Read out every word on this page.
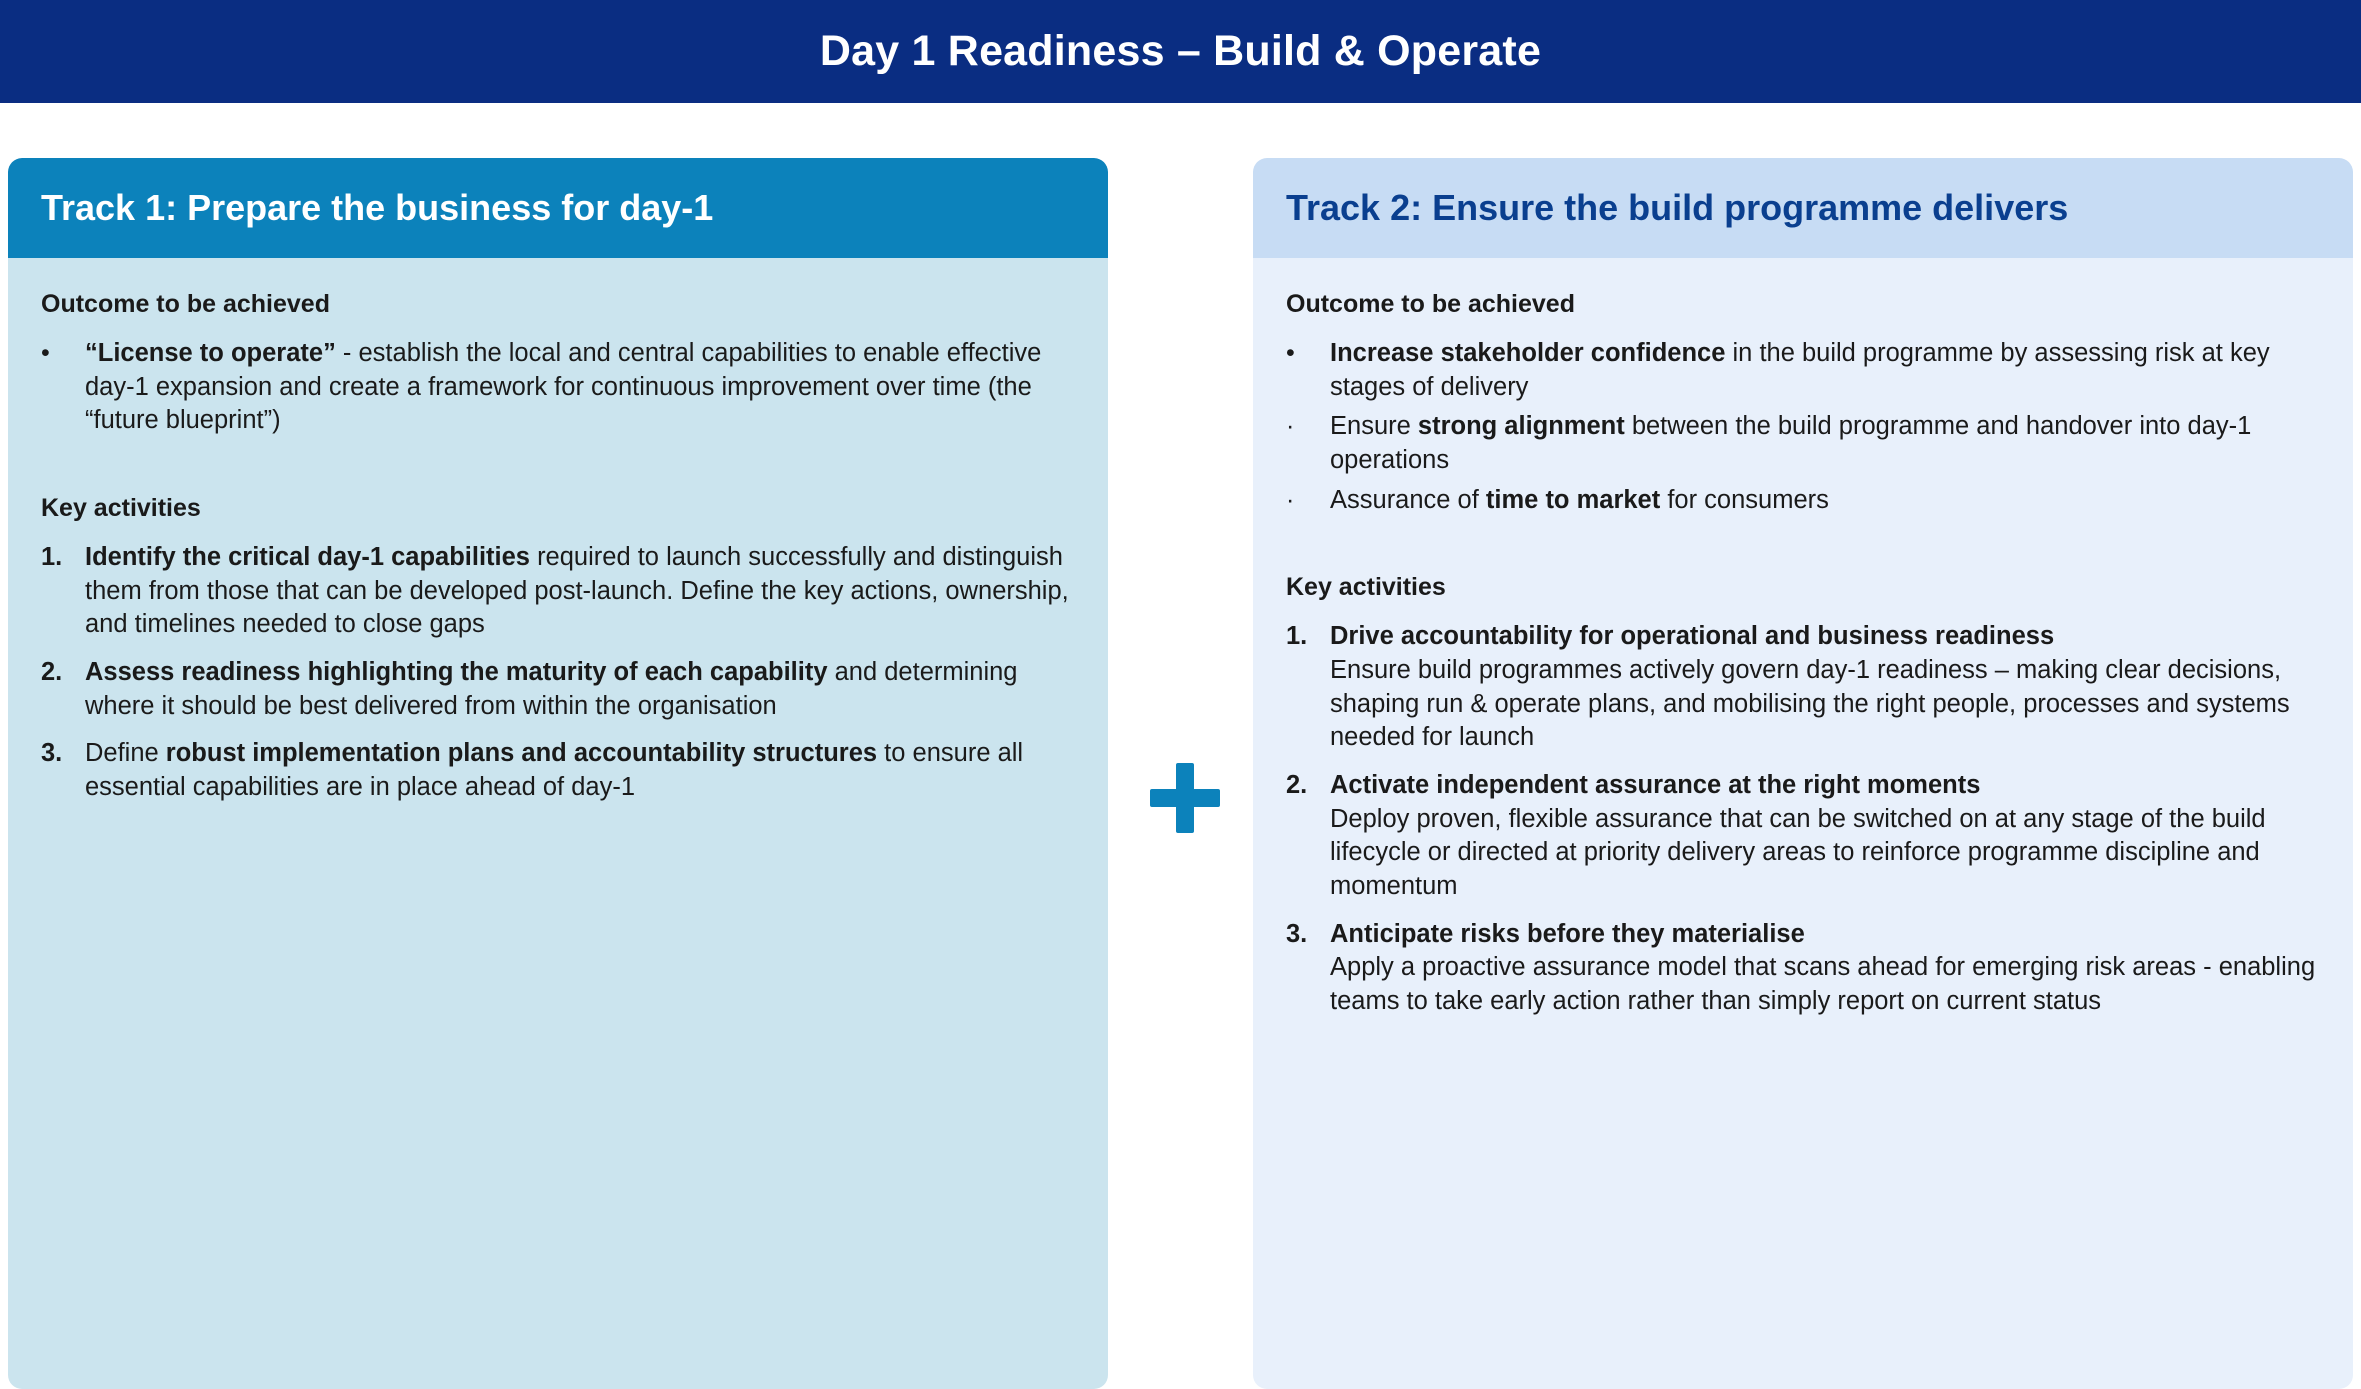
Day 1 Readiness – Build & Operate
Track 1: Prepare the business for day-1
Outcome to be achieved
•	“License to operate” - establish the local and central capabilities to enable effective day-1 expansion and create a framework for continuous improvement over time (the “future blueprint”)
Key activities
1. Identify the critical day-1 capabilities required to launch successfully and distinguish them from those that can be developed post-launch. Define the key actions, ownership, and timelines needed to close gaps
2. Assess readiness highlighting the maturity of each capability and determining where it should be best delivered from within the organisation
3. Define robust implementation plans and accountability structures to ensure all essential capabilities are in place ahead of day-1
Track 2: Ensure the build programme delivers
Outcome to be achieved
•	Increase stakeholder confidence in the build programme by assessing risk at key stages of delivery
·	Ensure strong alignment between the build programme and handover into day-1 operations
·	Assurance of time to market for consumers
Key activities
1. Drive accountability for operational and business readiness
Ensure build programmes actively govern day-1 readiness – making clear decisions, shaping run & operate plans, and mobilising the right people, processes and systems needed for launch
2. Activate independent assurance at the right moments
Deploy proven, flexible assurance that can be switched on at any stage of the build lifecycle or directed at priority delivery areas to reinforce programme discipline and momentum
3. Anticipate risks before they materialise
Apply a proactive assurance model that scans ahead for emerging risk areas - enabling teams to take early action rather than simply report on current status
